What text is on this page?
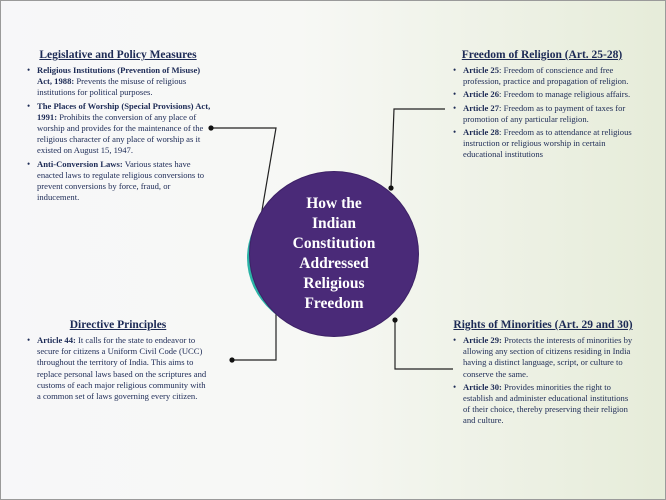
How the
Indian
Constitution
Addressed
Religious
Freedom
Legislative and Policy Measures
• Religious Institutions (Prevention of Misuse) Act, 1988: Prevents the misuse of religious institutions for political purposes.
• The Places of Worship (Special Provisions) Act, 1991: Prohibits the conversion of any place of worship and provides for the maintenance of the religious character of any place of worship as it existed on August 15, 1947.
• Anti-Conversion Laws: Various states have enacted laws to regulate religious conversions to prevent conversions by force, fraud, or inducement.
Freedom of Religion (Art. 25-28)
• Article 25: Freedom of conscience and free profession, practice and propagation of religion.
• Article 26: Freedom to manage religious affairs.
• Article 27: Freedom as to payment of taxes for promotion of any particular religion.
• Article 28: Freedom as to attendance at religious instruction or religious worship in certain educational institutions
Directive Principles
• Article 44: It calls for the state to endeavor to secure for citizens a Uniform Civil Code (UCC) throughout the territory of India. This aims to replace personal laws based on the scriptures and customs of each major religious community with a common set of laws governing every citizen.
Rights of Minorities (Art. 29 and 30)
• Article 29: Protects the interests of minorities by allowing any section of citizens residing in India having a distinct language, script, or culture to conserve the same.
• Article 30: Provides minorities the right to establish and administer educational institutions of their choice, thereby preserving their religion and culture.
